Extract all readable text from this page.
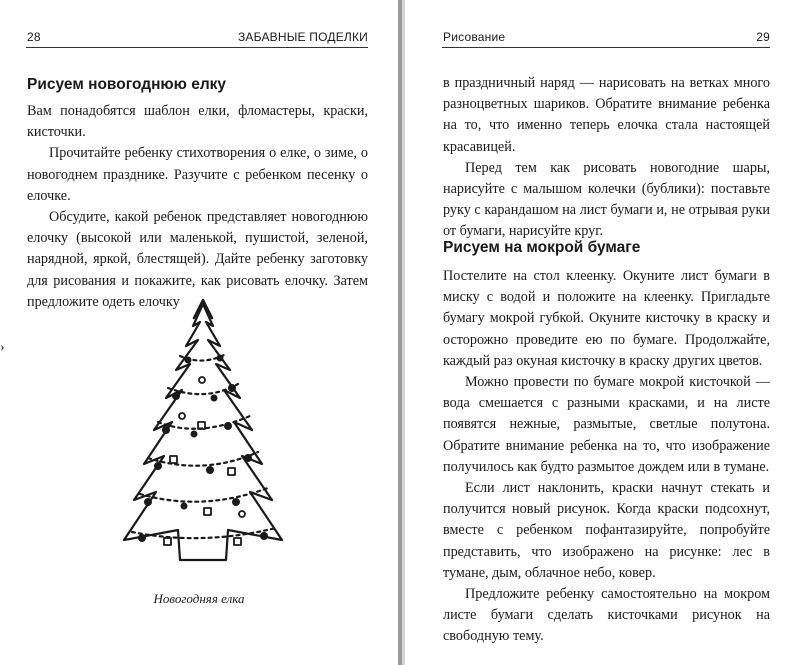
28	ЗАБАВНЫЕ ПОДЕЛКИ
Рисуем новогоднюю елку

Вам понадобятся шаблон елки, фломастеры, краски, кисточки.

Прочитайте ребенку стихотворения о елке, о зиме, о новогоднем празднике. Разучите с ребенком песенку о елочке.

Обсудите, какой ребенок представляет новогоднюю елочку (высокой или маленькой, пушистой, зеленой, нарядной, яркой, блестящей). Дайте ребенку заготовку для рисования и покажите, как рисовать елочку. Затем предложите одеть елочку

Новогодняя елка
›
Рисование	29

в праздничный наряд — нарисовать на ветках много разноцветных шариков. Обратите внимание ребенка на то, что именно теперь елочка стала настоящей красавицей.

Перед тем как рисовать новогодние шары, нарисуйте с малышом колечки (бублики): поставьте руку с карандашом на лист бумаги и, не отрывая руки от бумаги, нарисуйте круг.

Рисуем на мокрой бумаге

Постелите на стол клеенку. Окуните лист бумаги в миску с водой и положите на клеенку. Пригладьте бумагу мокрой губкой. Окуните кисточку в краску и осторожно проведите ею по бумаге. Продолжайте, каждый раз окуная кисточку в краску других цветов.

Можно провести по бумаге мокрой кисточкой — вода смешается с разными красками, и на листе появятся нежные, размытые, светлые полутона. Обратите внимание ребенка на то, что изображение получилось как будто размытое дождем или в тумане.

Если лист наклонить, краски начнут стекать и получится новый рисунок. Когда краски подсохнут, вместе с ребенком пофантазируйте, попробуйте представить, что изображено на рисунке: лес в тумане, дым, облачное небо, ковер.

Предложите ребенку самостоятельно на мокром листе бумаги сделать кисточками рисунок на свободную тему.
